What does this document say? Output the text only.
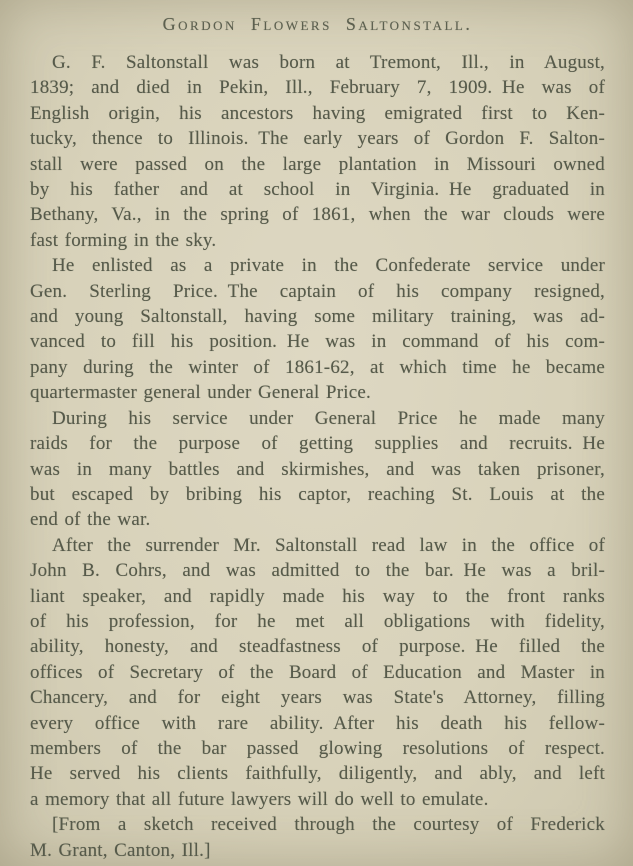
Gordon Flowers Saltonstall.
G. F. Saltonstall was born at Tremont, Ill., in August,
1839; and died in Pekin, Ill., February 7, 1909. He was of
English origin, his ancestors having emigrated first to Ken-
tucky, thence to Illinois. The early years of Gordon F. Salton-
stall were passed on the large plantation in Missouri owned
by his father and at school in Virginia. He graduated in
Bethany, Va., in the spring of 1861, when the war clouds were
fast forming in the sky.
He enlisted as a private in the Confederate service under
Gen. Sterling Price. The captain of his company resigned,
and young Saltonstall, having some military training, was ad-
vanced to fill his position. He was in command of his com-
pany during the winter of 1861-62, at which time he became
quartermaster general under General Price.
During his service under General Price he made many
raids for the purpose of getting supplies and recruits. He
was in many battles and skirmishes, and was taken prisoner,
but escaped by bribing his captor, reaching St. Louis at the
end of the war.
After the surrender Mr. Saltonstall read law in the office of
John B. Cohrs, and was admitted to the bar. He was a bril-
liant speaker, and rapidly made his way to the front ranks
of his profession, for he met all obligations with fidelity,
ability, honesty, and steadfastness of purpose. He filled the
offices of Secretary of the Board of Education and Master in
Chancery, and for eight years was State's Attorney, filling
every office with rare ability. After his death his fellow-
members of the bar passed glowing resolutions of respect.
He served his clients faithfully, diligently, and ably, and left
a memory that all future lawyers will do well to emulate.
[From a sketch received through the courtesy of Frederick
M. Grant, Canton, Ill.]
